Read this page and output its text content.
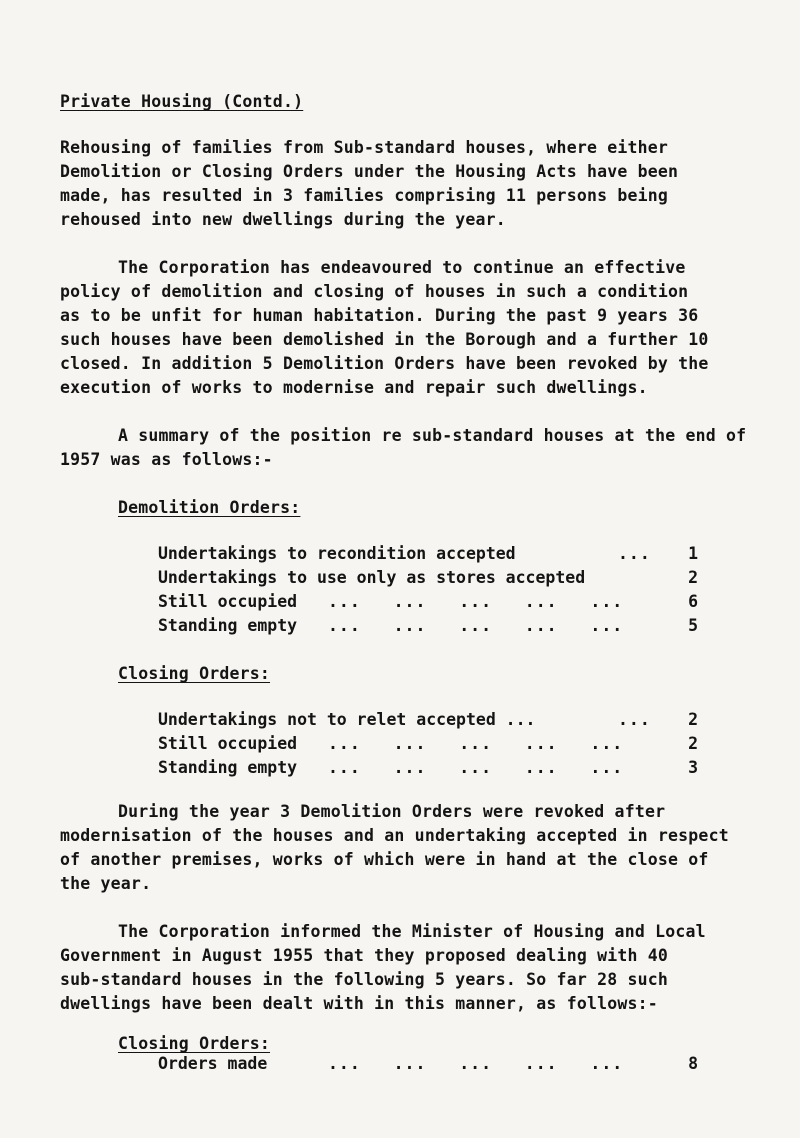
Private Housing (Contd.)
Rehousing of families from Sub-standard houses, where either
Demolition or Closing Orders under the Housing Acts have been
made, has resulted in 3 families comprising 11 persons being
rehoused into new dwellings during the year.
The Corporation has endeavoured to continue an effective
policy of demolition and closing of houses in such a condition
as to be unfit for human habitation. During the past 9 years 36
such houses have been demolished in the Borough and a further 10
closed. In addition 5 Demolition Orders have been revoked by the
execution of works to modernise and repair such dwellings.
A summary of the position re sub-standard houses at the end of
1957 was as follows:-
Demolition Orders:
Undertakings to recondition accepted	... 1
Undertakings to use only as stores accepted	2
Still occupied ...   ...   ...   ...   ...	6
Standing empty ...   ...   ...   ...   ...	5
Closing Orders:
Undertakings not to relet accepted ...	... 2
Still occupied ...   ...   ...   ...   ...	2
Standing empty ...   ...   ...   ...   ...	3
During the year 3 Demolition Orders were revoked after
modernisation of the houses and an undertaking accepted in respect
of another premises, works of which were in hand at the close of
the year.
The Corporation informed the Minister of Housing and Local
Government in August 1955 that they proposed dealing with 40
sub-standard houses in the following 5 years. So far 28 such
dwellings have been dealt with in this manner, as follows:-
Closing Orders:
Orders made	...   ...   ...   ...   ...	8
